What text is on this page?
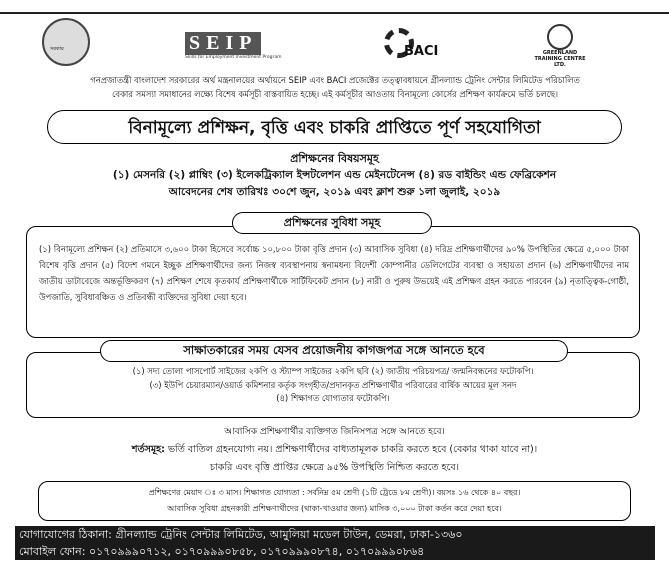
সরকার	SEIP
Skills for Employment Investment Program	BACI	GREENLAND TRAINING CENTRE LTD.
গনপ্রজাতন্ত্রী বাংলাদেশ সরকারের অর্থ মন্ত্রনালয়ের অর্থায়নে SEIP এবং BACI প্রজেক্টের তত্ত্বাবধায়নে গ্রীনল্যান্ড ট্রেনিং সেন্টার লিমিটেড পরিচালিত
বেকার সমস্যা সমাধানের লক্ষ্যে বিশেষ কর্মসূচী বাস্তবায়িত হচ্ছে। এই কর্মসূচীর আওতায় বিনামূল্যে কোর্সের প্রশিক্ষণ কার্যক্রমে ভর্তি চলছে।
বিনামূল্যে প্রশিক্ষন, বৃত্তি এবং চাকরি প্রাপ্তিতে পূর্ণ সহযোগিতা
প্রশিক্ষনের বিষয়সমূহ
(১) মেসনরি (২) প্লাম্বিং (৩) ইলেকট্রিক্যাল ইন্সটলেশন এন্ড মেইনটেনেন্স (৪) রড বাইন্ডিং এন্ড ফেব্রিকেশন
আবেদনের শেষ তারিখঃ ৩০শে জুন, ২০১৯ এবং ক্লাশ শুরু ১লা জুলাই, ২০১৯
(১) বিনামূল্যে প্রশিক্ষন (২) প্রতিমাসে ৩,৬০০ টাকা হিসেবে সর্বোচ্চ ১০,৮০০ টাকা বৃত্তি প্রদান (৩) আবাসিক সুবিধা (৪) দরিদ্র প্রশিক্ষণার্থীদের ৯০% উপস্থিতির ক্ষেত্রে ৫,০০০ টাকা বিশেষ বৃত্তি প্রদান (৫) বিদেশ গমনে ইচ্ছুক প্রশিক্ষণার্থীদের জন্য নিজস্ব ব্যবস্থাপনায় স্বনামধন্য বিদেশী কোম্পানীর ডেলিগেটের ব্যবস্থা ও সহায়তা প্রদান (৬) প্রশিক্ষণার্থীদের নাম জাতীয় ডাটাবেজে অন্তর্ভূক্তিকরণ (৭) প্রশিক্ষণ শেষে কৃতকার্য প্রশিক্ষণার্থীকে সার্টিফিকেট প্রদান (৮) নারী ও পুরুষ উভয়েই এই প্রশিক্ষণ গ্রহন করতে পারবেন (৯) নৃতাত্ত্বিক-গোষ্ঠী, উপজাতি, সুবিধাবঞ্চিত ও প্রতিবন্ধী ব্যক্তিদের সুবিধা দেয়া হবে।
প্রশিক্ষনের সুবিধা সমূহ
(১) সদ্য তোলা পাসপোর্ট সাইজের ২কপি ও স্ট্যাম্প সাইজের ২কপি ছবি (২) জাতীয় পরিচয়পত্র/ জন্মনিবন্ধনের ফটোকপি।
(৩) ইউপি চেয়ারম্যান/ওয়ার্ড কমিশনার কর্তৃক সংগৃহীত/প্রদানকৃত প্রশিক্ষণার্থীর পরিবারের বার্ষিক আয়ের মূল সনদ
(৪) শিক্ষাগত যোগ্যতার ফটোকপি।
সাক্ষাতকারের সময় যেসব প্রয়োজনীয় কাগজপত্র সঙ্গে আনতে হবে
আবাসিক প্রশিক্ষণার্থীর ব্যক্তিগত জিনিসপত্র সঙ্গে আনতে হবে।
শর্তসমূহ: ভর্তি বাতিল গ্রহনযোগ্য নয়। প্রশিক্ষণার্থীদের বাধ্যতামূলক চাকরি করতে হবে (বেকার থাকা যাবে না)।
চাকরি এবং বৃত্তি প্রাপ্তির ক্ষেত্রে ৯৫% উপস্থিতি নিশ্চিত করতে হবে।
প্রশিক্ষণের মেয়াদ ঃ ৩ মাস। শিক্ষাগত যোগ্যতা : সর্বনিম্ন ৫ম শ্রেণী (১টি ট্রেডে ৮ম শ্রেণী)। বয়সঃ ১৬ থেকে ৪০ বছর।
আবাসিক সুবিধা গ্রহনকারী প্রশিক্ষণার্থীদের (থাকা-খাওয়ার জন্য) মাসিক ৩,০০০ টাকা কর্তন করে দেয়া হবে।
যোগাযোগের ঠিকানা: গ্রীনল্যান্ড ট্রেনিং সেন্টার লিমিটেড, আমুলিয়া মডেল টাউন, ডেমরা, ঢাকা-১৩৬০
মোবাইল ফোন: ০১৭০৯৯৯০৭১২, ০১৭০৯৯৯০৮৫৮, ০১৭০৯৯৯০৮৭৪, ০১৭০৯৯৯০৮৬৪
